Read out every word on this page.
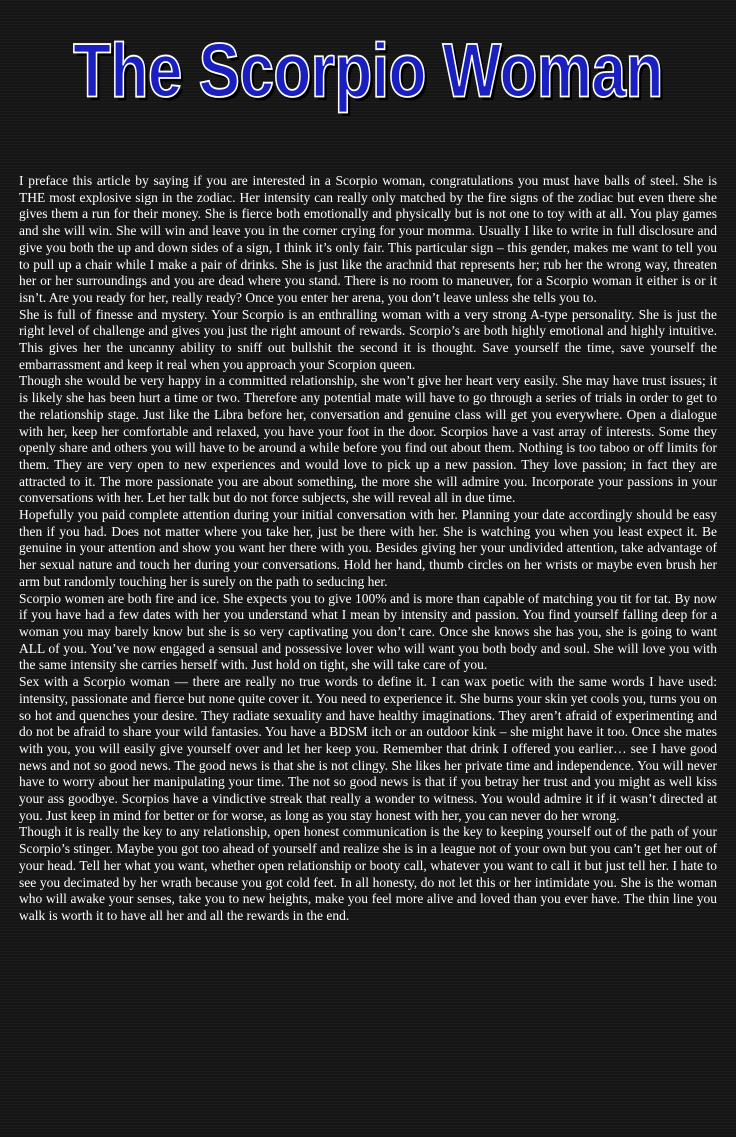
The Scorpio Woman

I preface this article by saying if you are interested in a Scorpio woman, congratulations you must have balls of steel. She is THE most explosive sign in the zodiac. Her intensity can really only matched by the fire signs of the zodiac but even there she gives them a run for their money. She is fierce both emotionally and physically but is not one to toy with at all. You play games and she will win. She will win and leave you in the corner crying for your momma. Usually I like to write in full disclosure and give you both the up and down sides of a sign, I think it’s only fair. This particular sign – this gender, makes me want to tell you to pull up a chair while I make a pair of drinks. She is just like the arachnid that represents her; rub her the wrong way, threaten her or her surroundings and you are dead where you stand. There is no room to maneuver, for a Scorpio woman it either is or it isn’t. Are you ready for her, really ready? Once you enter her arena, you don’t leave unless she tells you to.

She is full of finesse and mystery. Your Scorpio is an enthralling woman with a very strong A-type personality. She is just the right level of challenge and gives you just the right amount of rewards. Scorpio’s are both highly emotional and highly intuitive. This gives her the uncanny ability to sniff out bullshit the second it is thought. Save yourself the time, save yourself the embarrassment and keep it real when you approach your Scorpion queen.

Though she would be very happy in a committed relationship, she won’t give her heart very easily. She may have trust issues; it is likely she has been hurt a time or two. Therefore any potential mate will have to go through a series of trials in order to get to the relationship stage. Just like the Libra before her, conversation and genuine class will get you everywhere. Open a dialogue with her, keep her comfortable and relaxed, you have your foot in the door. Scorpios have a vast array of interests. Some they openly share and others you will have to be around a while before you find out about them. Nothing is too taboo or off limits for them. They are very open to new experiences and would love to pick up a new passion. They love passion; in fact they are attracted to it. The more passionate you are about something, the more she will admire you. Incorporate your passions in your conversations with her. Let her talk but do not force subjects, she will reveal all in due time.

Hopefully you paid complete attention during your initial conversation with her. Planning your date accordingly should be easy then if you had. Does not matter where you take her, just be there with her. She is watching you when you least expect it. Be genuine in your attention and show you want her there with you. Besides giving her your undivided attention, take advantage of her sexual nature and touch her during your conversations. Hold her hand, thumb circles on her wrists or maybe even brush her arm but randomly touching her is surely on the path to seducing her.

Scorpio women are both fire and ice. She expects you to give 100% and is more than capable of matching you tit for tat. By now if you have had a few dates with her you understand what I mean by intensity and passion. You find yourself falling deep for a woman you may barely know but she is so very captivating you don’t care. Once she knows she has you, she is going to want ALL of you. You’ve now engaged a sensual and possessive lover who will want you both body and soul. She will love you with the same intensity she carries herself with. Just hold on tight, she will take care of you.

Sex with a Scorpio woman — there are really no true words to define it. I can wax poetic with the same words I have used: intensity, passionate and fierce but none quite cover it. You need to experience it. She burns your skin yet cools you, turns you on so hot and quenches your desire. They radiate sexuality and have healthy imaginations. They aren’t afraid of experimenting and do not be afraid to share your wild fantasies. You have a BDSM itch or an outdoor kink – she might have it too. Once she mates with you, you will easily give yourself over and let her keep you. Remember that drink I offered you earlier… see I have good news and not so good news. The good news is that she is not clingy. She likes her private time and independence. You will never have to worry about her manipulating your time. The not so good news is that if you betray her trust and you might as well kiss your ass goodbye. Scorpios have a vindictive streak that really a wonder to witness. You would admire it if it wasn’t directed at you. Just keep in mind for better or for worse, as long as you stay honest with her, you can never do her wrong.

Though it is really the key to any relationship, open honest communication is the key to keeping yourself out of the path of your Scorpio’s stinger. Maybe you got too ahead of yourself and realize she is in a league not of your own but you can’t get her out of your head. Tell her what you want, whether open relationship or booty call, whatever you want to call it but just tell her. I hate to see you decimated by her wrath because you got cold feet. In all honesty, do not let this or her intimidate you. She is the woman who will awake your senses, take you to new heights, make you feel more alive and loved than you ever have. The thin line you walk is worth it to have all her and all the rewards in the end.
